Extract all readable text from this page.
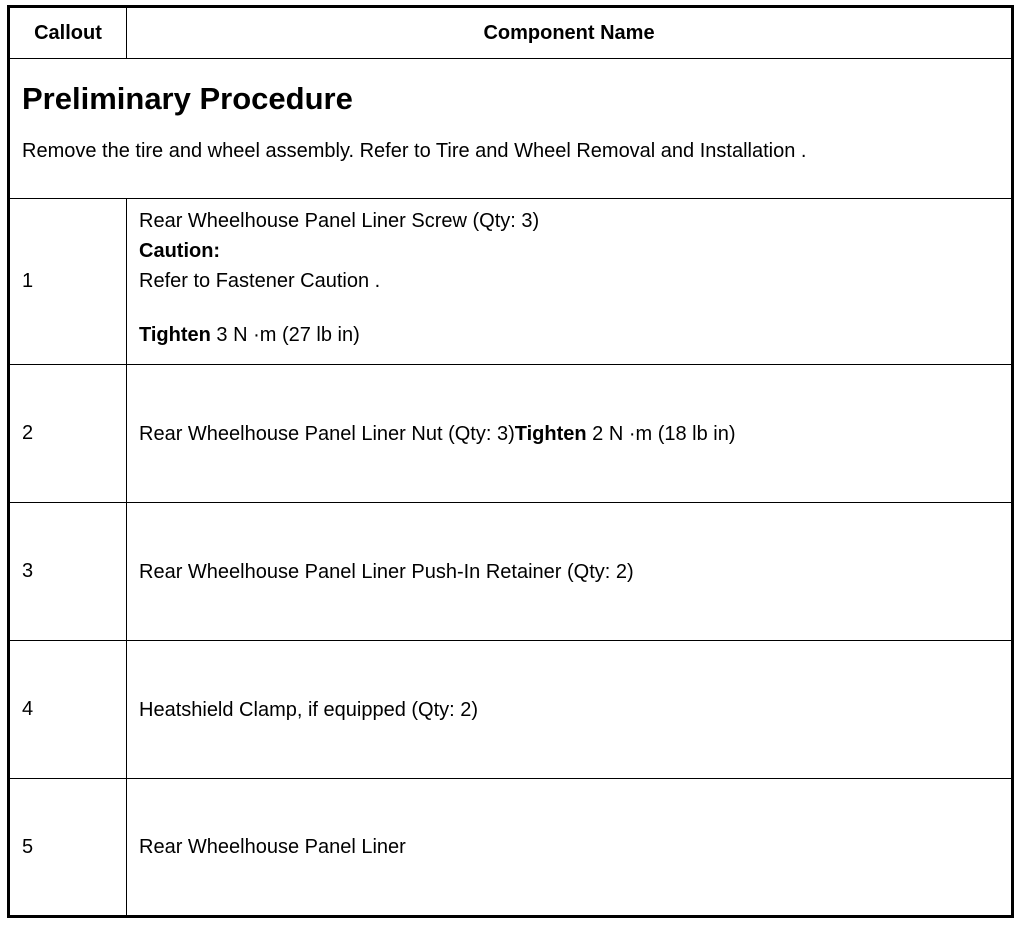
Callout	Component Name

Preliminary Procedure
Remove the tire and wheel assembly. Refer to Tire and Wheel Removal and Installation .	

1	Rear Wheelhouse Panel Liner Screw (Qty: 3)
Caution:
Refer to Fastener Caution .
Tighten 3 N ·m (27 lb in)

2	Rear Wheelhouse Panel Liner Nut (Qty: 3)Tighten 2 N ·m (18 lb in)
3	Rear Wheelhouse Panel Liner Push-In Retainer (Qty: 2)
4	Heatshield Clamp, if equipped (Qty: 2)
5	Rear Wheelhouse Panel Liner
